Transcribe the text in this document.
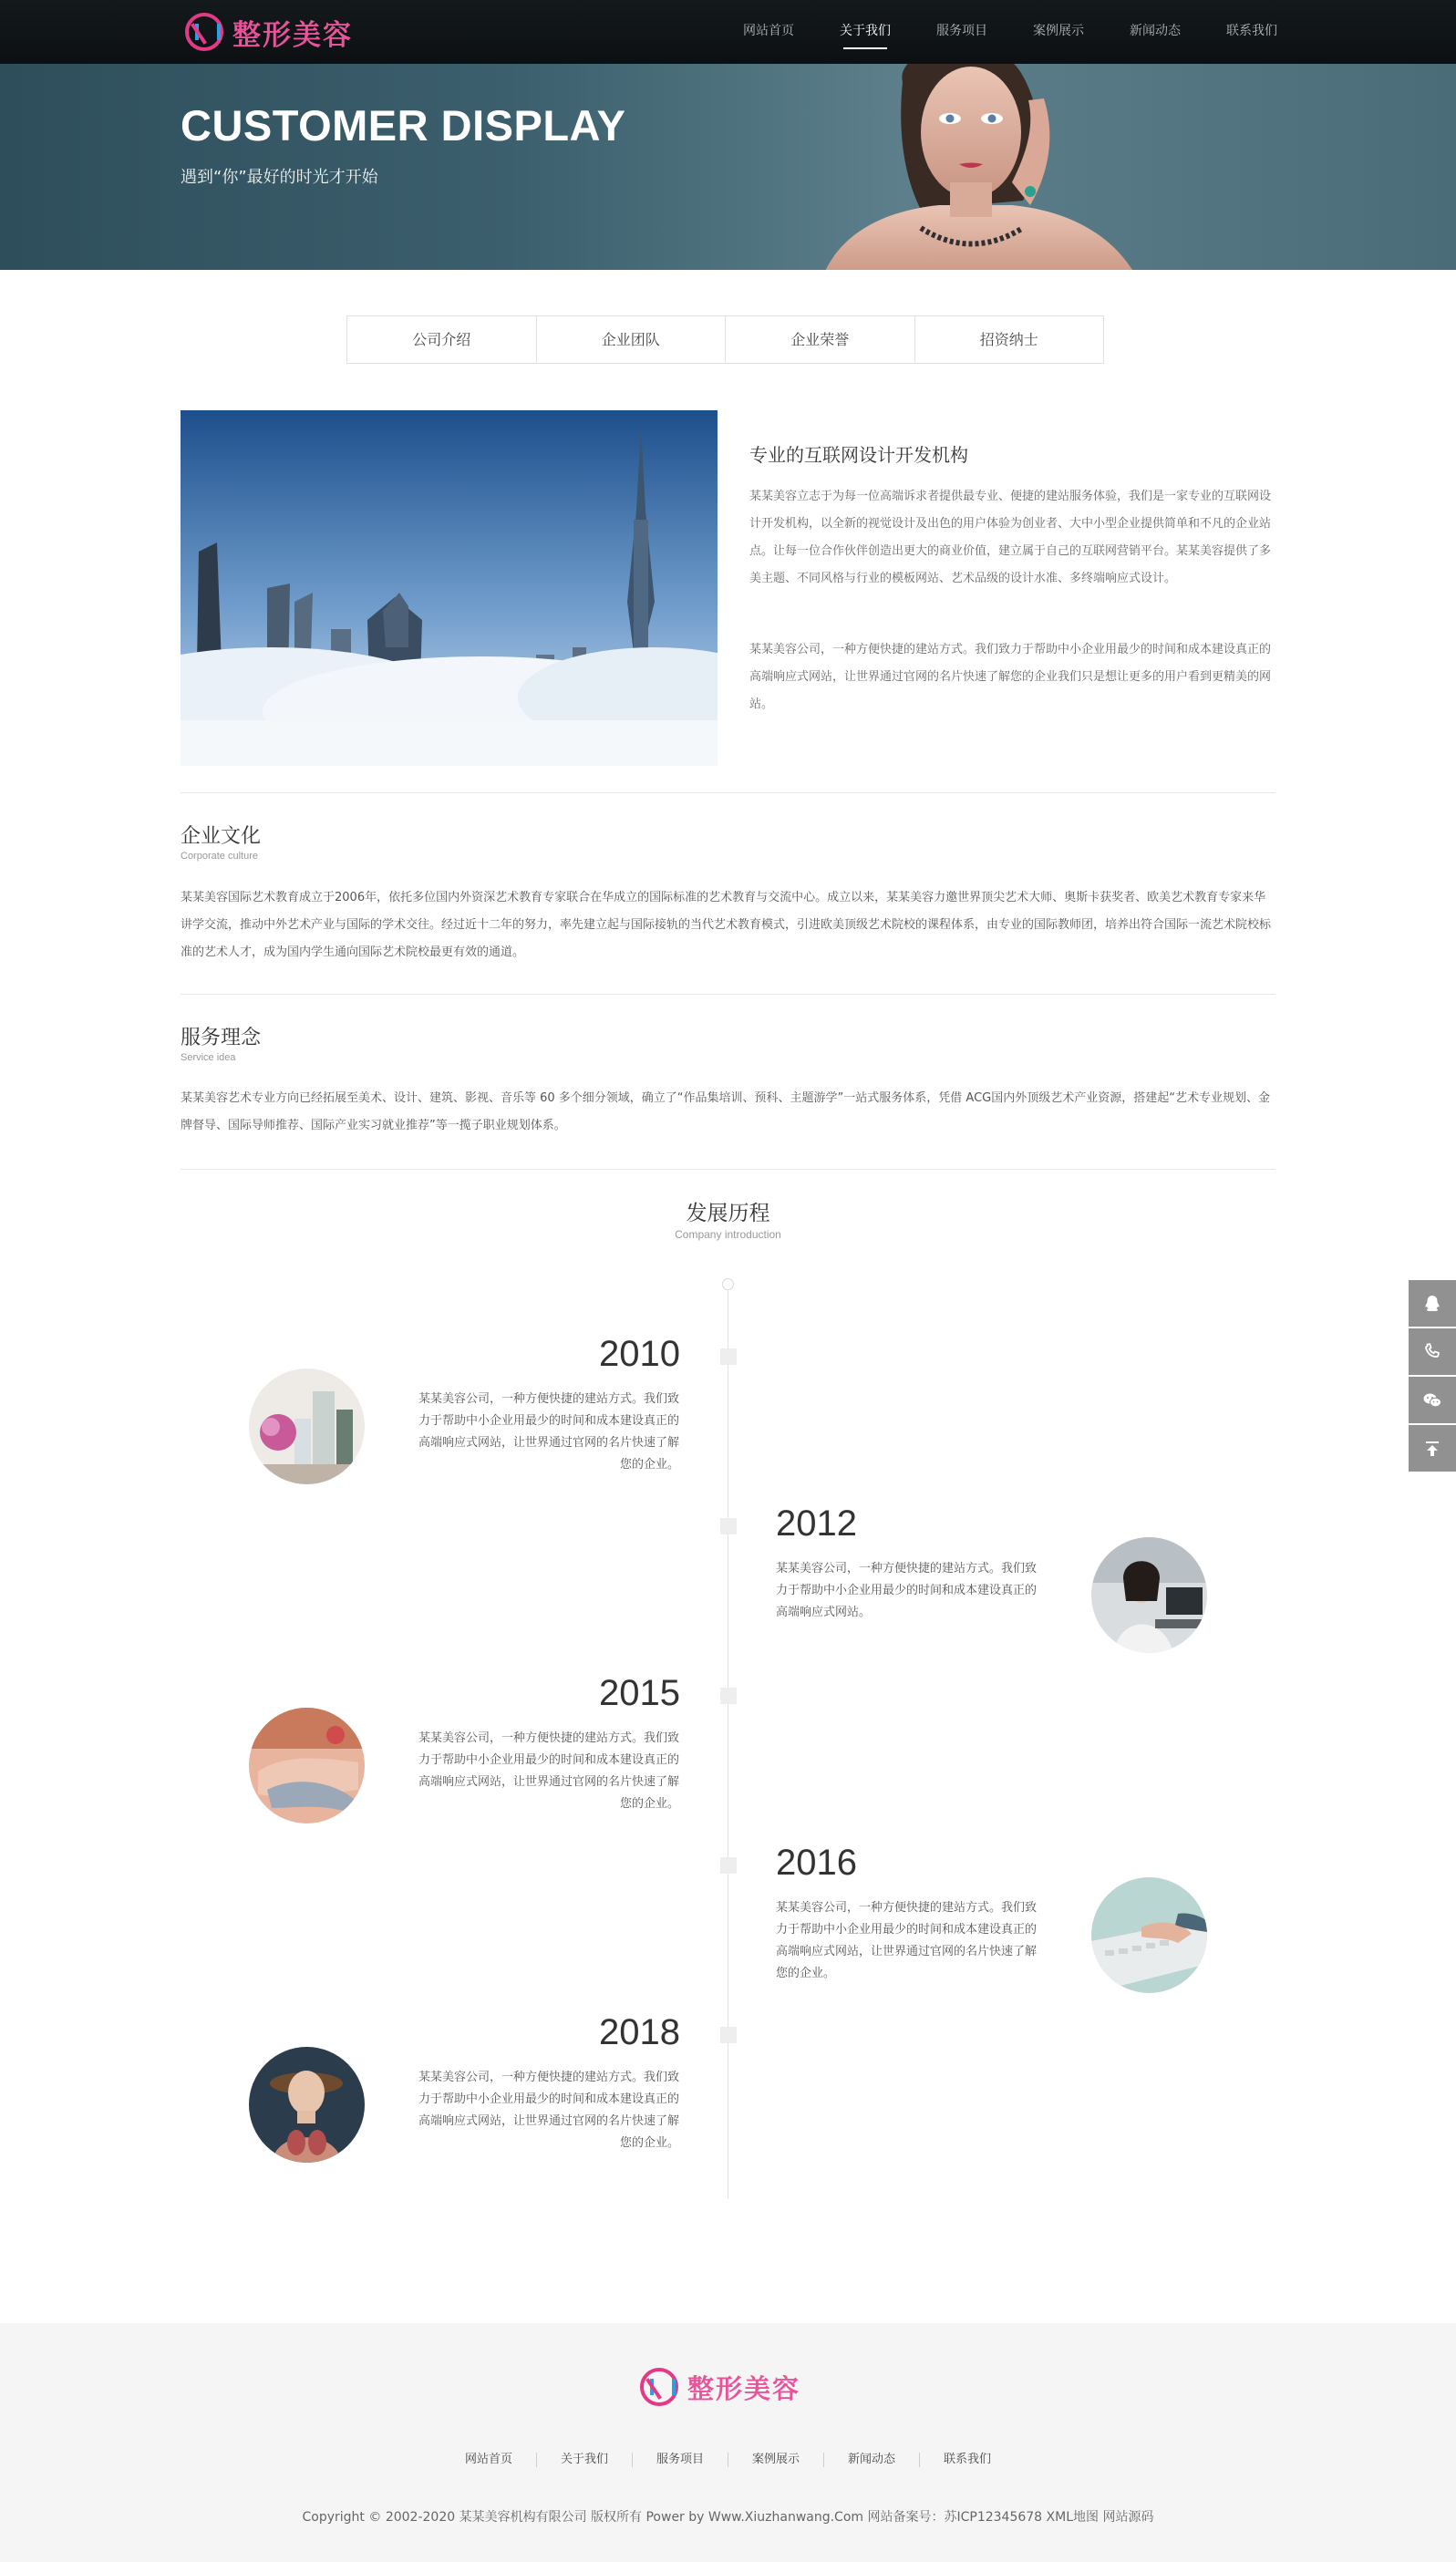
整形美容	网站首页	关于我们	服务项目	案例展示	新闻动态	联系我们
CUSTOMER DISPLAY
遇到“你”最好的时光才开始
公司介绍	企业团队	企业荣誉	招资纳士
专业的互联网设计开发机构
某某美容立志于为每一位高端诉求者提供最专业、便捷的建站服务体验，我们是一家专业的互联网设计开发机构，以全新的视觉设计及出色的用户体验为创业者、大中小型企业提供简单和不凡的企业站点。让每一位合作伙伴创造出更大的商业价值，建立属于自己的互联网营销平台。某某美容提供了多美主题、不同风格与行业的模板网站、艺术品级的设计水准、多终端响应式设计。
某某美容公司，一种方便快捷的建站方式。我们致力于帮助中小企业用最少的时间和成本建设真正的高端响应式网站，让世界通过官网的名片快速了解您的企业我们只是想让更多的用户看到更精美的网站。
企业文化
Corporate culture
某某美容国际艺术教育成立于2006年，依托多位国内外资深艺术教育专家联合在华成立的国际标准的艺术教育与交流中心。成立以来，某某美容力邀世界顶尖艺术大师、奥斯卡获奖者、欧美艺术教育专家来华讲学交流，推动中外艺术产业与国际的学术交往。经过近十二年的努力，率先建立起与国际接轨的当代艺术教育模式，引进欧美顶级艺术院校的课程体系，由专业的国际教师团，培养出符合国际一流艺术院校标准的艺术人才，成为国内学生通向国际艺术院校最更有效的通道。
服务理念
Service idea
某某美容艺术专业方向已经拓展至美术、设计、建筑、影视、音乐等 60 多个细分领域，确立了“作品集培训、预科、主题游学”一站式服务体系，凭借 ACG国内外顶级艺术产业资源，搭建起“艺术专业规划、金牌督导、国际导师推荐、国际产业实习就业推荐”等一揽子职业规划体系。
发展历程
Company introduction
2010
某某美容公司，一种方便快捷的建站方式。我们致力于帮助中小企业用最少的时间和成本建设真正的高端响应式网站，让世界通过官网的名片快速了解您的企业。
2012
某某美容公司，一种方便快捷的建站方式。我们致力于帮助中小企业用最少的时间和成本建设真正的高端响应式网站。
2015
某某美容公司，一种方便快捷的建站方式。我们致力于帮助中小企业用最少的时间和成本建设真正的高端响应式网站，让世界通过官网的名片快速了解您的企业。
2016
某某美容公司，一种方便快捷的建站方式。我们致力于帮助中小企业用最少的时间和成本建设真正的高端响应式网站，让世界通过官网的名片快速了解您的企业。
2018
某某美容公司，一种方便快捷的建站方式。我们致力于帮助中小企业用最少的时间和成本建设真正的高端响应式网站，让世界通过官网的名片快速了解您的企业。
整形美容
网站首页	关于我们	服务项目	案例展示	新闻动态	联系我们
Copyright © 2002-2020 某某美容机构有限公司 版权所有 Power by Www.Xiuzhanwang.Com 网站备案号：苏ICP12345678 XML地图 网站源码
